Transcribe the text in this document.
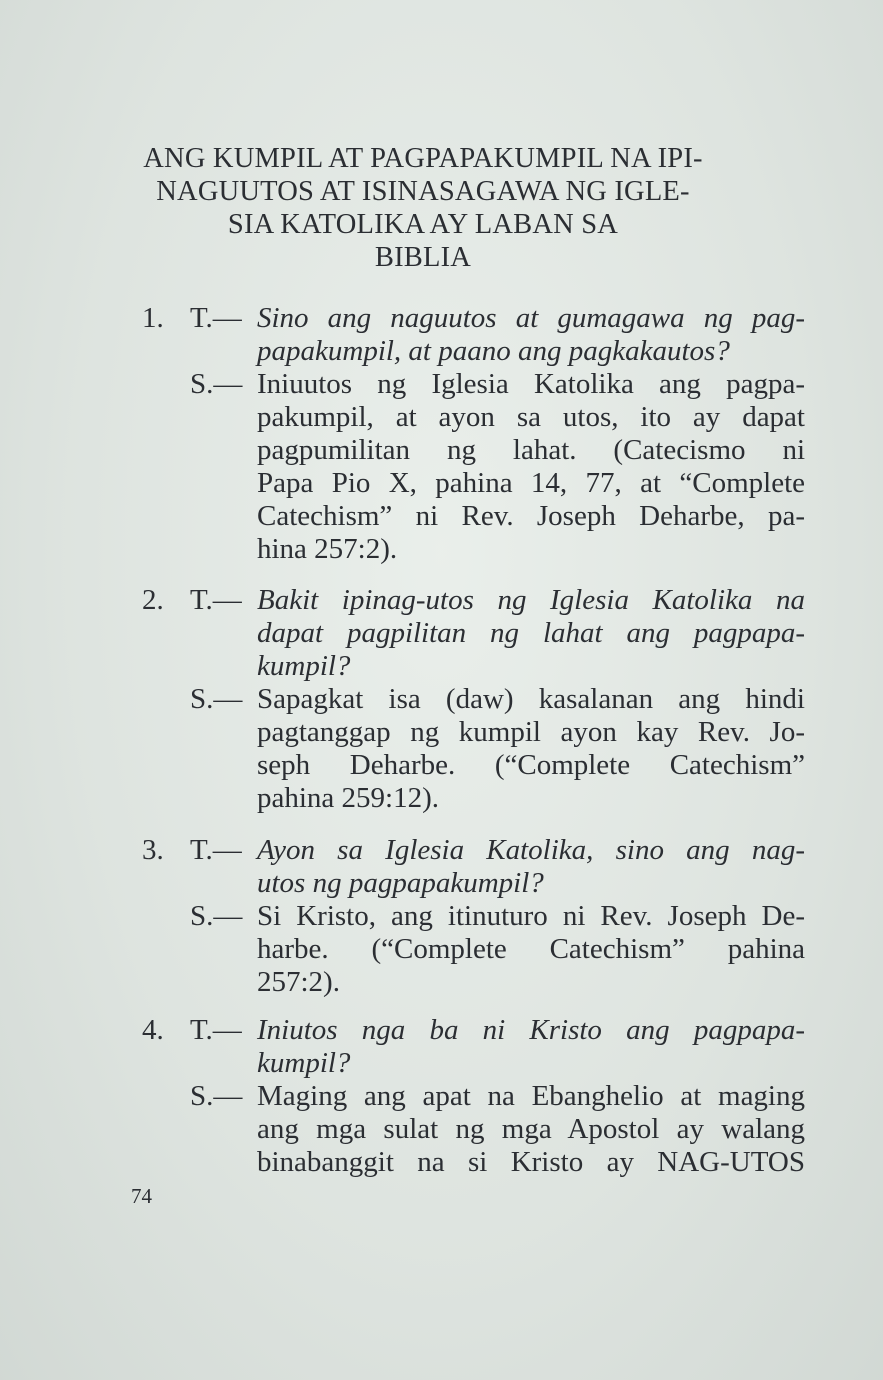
ANG KUMPIL AT PAGPAPAKUMPIL NA IPI-
NAGUUTOS AT ISINASAGAWA NG IGLE-
SIA KATOLIKA AY LABAN SA
BIBLIA
1. T.— Sino ang naguutos at gumagawa ng pag-
papakumpil, at paano ang pagkakautos?
S.— Iniuutos ng Iglesia Katolika ang pagpa-
pakumpil, at ayon sa utos, ito ay dapat
pagpumilitan ng lahat. (Catecismo ni
Papa Pio X, pahina 14, 77, at “Complete
Catechism” ni Rev. Joseph Deharbe, pa-
hina 257:2).
2. T.— Bakit ipinag-utos ng Iglesia Katolika na
dapat pagpilitan ng lahat ang pagpapa-
kumpil?
S.— Sapagkat isa (daw) kasalanan ang hindi
pagtanggap ng kumpil ayon kay Rev. Jo-
seph Deharbe. (“Complete Catechism”
pahina 259:12).
3. T.— Ayon sa Iglesia Katolika, sino ang nag-
utos ng pagpapakumpil?
S.— Si Kristo, ang itinuturo ni Rev. Joseph De-
harbe. (“Complete Catechism” pahina
257:2).
4. T.— Iniutos nga ba ni Kristo ang pagpapa-
kumpil?
S.— Maging ang apat na Ebanghelio at maging
ang mga sulat ng mga Apostol ay walang
binabanggit na si Kristo ay NAG-UTOS
74
